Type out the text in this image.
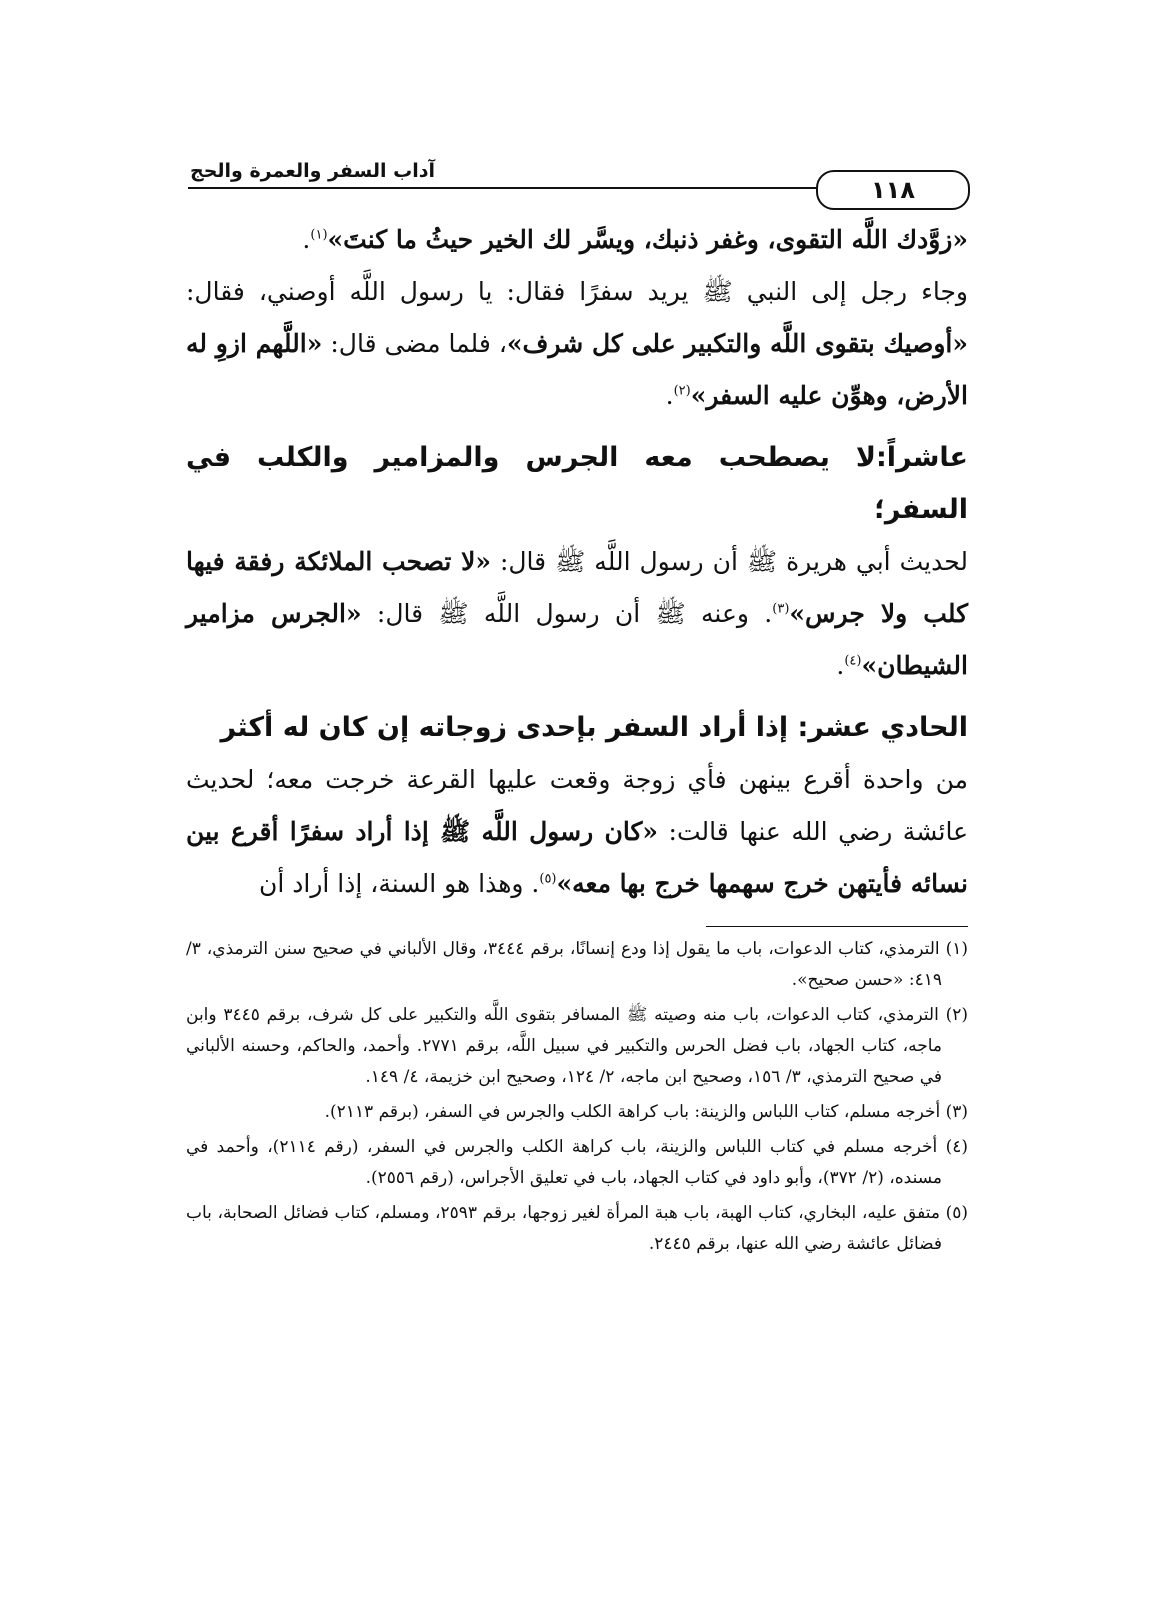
آداب السفر والعمرة والحج
١١٨

«زوَّدك اللَّه التقوى، وغفر ذنبك، ويسَّر لك الخير حيثُ ما كنتَ»$^{(١)}$.

وجاء رجل إلى النبي ﷺ يريد سفرًا فقال: يا رسول اللَّه أوصني، فقال: «أوصيك بتقوى اللَّه والتكبير على كل شرف»، فلما مضى قال: «اللَّهم ازوِ له الأرض، وهوِّن عليه السفر»$^{(٢)}$.

عاشراً:لا يصطحب معه الجرس والمزامير والكلب في السفر؛

لحديث أبي هريرة ﷺ أن رسول اللَّه ﷺ قال: «لا تصحب الملائكة رفقة فيها كلب ولا جرس»$^{(٣)}$. وعنه ﷺ أن رسول اللَّه ﷺ قال: «الجرس مزامير الشيطان»$^{(٤)}$.

الحادي عشر: إذا أراد السفر بإحدى زوجاته إن كان له أكثر

من واحدة أقرع بينهن فأي زوجة وقعت عليها القرعة خرجت معه؛ لحديث عائشة رضي الله عنها قالت: «كان رسول اللَّه ﷺ إذا أراد سفرًا أقرع بين نسائه فأيتهن خرج سهمها خرج بها معه»$^{(٥)}$. وهذا هو السنة، إذا أراد أن

(١) الترمذي، كتاب الدعوات، باب ما يقول إذا ودع إنسانًا، برقم ٣٤٤٤، وقال الألباني في صحيح سنن الترمذي، ٣/ ٤١٩: «حسن صحيح».

(٢) الترمذي، كتاب الدعوات، باب منه وصيته ﷺ المسافر بتقوى اللَّه والتكبير على كل شرف، برقم ٣٤٤٥ وابن ماجه، كتاب الجهاد، باب فضل الحرس والتكبير في سبيل اللَّه، برقم ٢٧٧١. وأحمد، والحاكم، وحسنه الألباني في صحيح الترمذي، ٣/ ١٥٦، وصحيح ابن ماجه، ٢/ ١٢٤، وصحيح ابن خزيمة، ٤/ ١٤٩.

(٣) أخرجه مسلم، كتاب اللباس والزينة: باب كراهة الكلب والجرس في السفر، (برقم ٢١١٣).

(٤) أخرجه مسلم في كتاب اللباس والزينة، باب كراهة الكلب والجرس في السفر، (رقم ٢١١٤)، وأحمد في مسنده، (٢/ ٣٧٢)، وأبو داود في كتاب الجهاد، باب في تعليق الأجراس، (رقم ٢٥٥٦).

(٥) متفق عليه، البخاري، كتاب الهبة، باب هبة المرأة لغير زوجها، برقم ٢٥٩٣، ومسلم، كتاب فضائل الصحابة، باب فضائل عائشة رضي الله عنها، برقم ٢٤٤٥.
